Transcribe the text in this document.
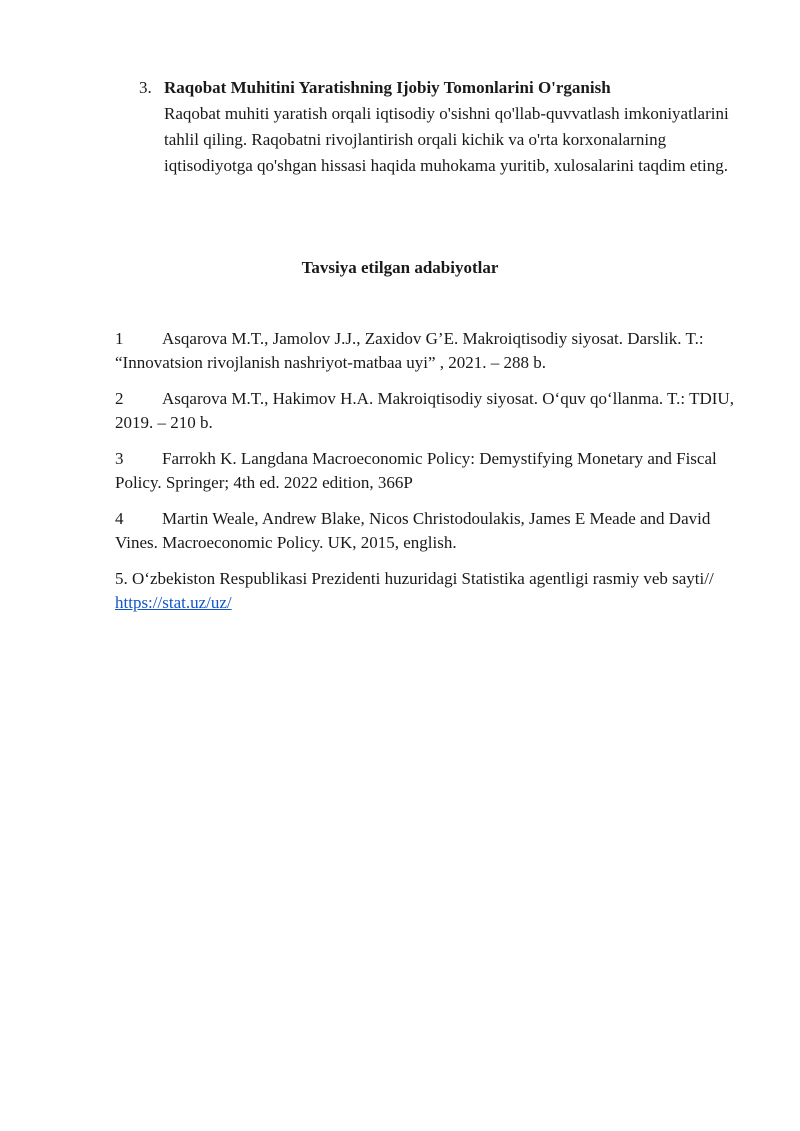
3. Raqobat Muhitini Yaratishning Ijobiy Tomonlarini O'rganish
Raqobat muhiti yaratish orqali iqtisodiy o'sishni qo'llab-quvvatlash imkoniyatlarini tahlil qiling. Raqobatni rivojlantirish orqali kichik va o'rta korxonalarning iqtisodiyotga qo'shgan hissasi haqida muhokama yuritib, xulosalarini taqdim eting.
Tavsiya etilgan adabiyotlar
1 Asqarova M.T., Jamolov J.J., Zaxidov G’E. Makroiqtisodiy siyosat. Darslik. T.: “Innovatsion rivojlanish nashriyot-matbaa uyi” , 2021. – 288 b.
2 Asqarova M.T., Hakimov H.A. Makroiqtisodiy siyosat. O‘quv qo‘llanma. T.: TDIU, 2019. – 210 b.
3 Farrokh K. Langdana Macroeconomic Policy: Demystifying Monetary and Fiscal Policy. Springer; 4th ed. 2022 edition, 366P
4 Martin Weale, Andrew Blake, Nicos Christodoulakis, James E Meade and David Vines. Macroeconomic Policy. UK, 2015, english.
5. O‘zbekiston Respublikasi Prezidenti huzuridagi Statistika agentligi rasmiy veb sayti// https://stat.uz/uz/
